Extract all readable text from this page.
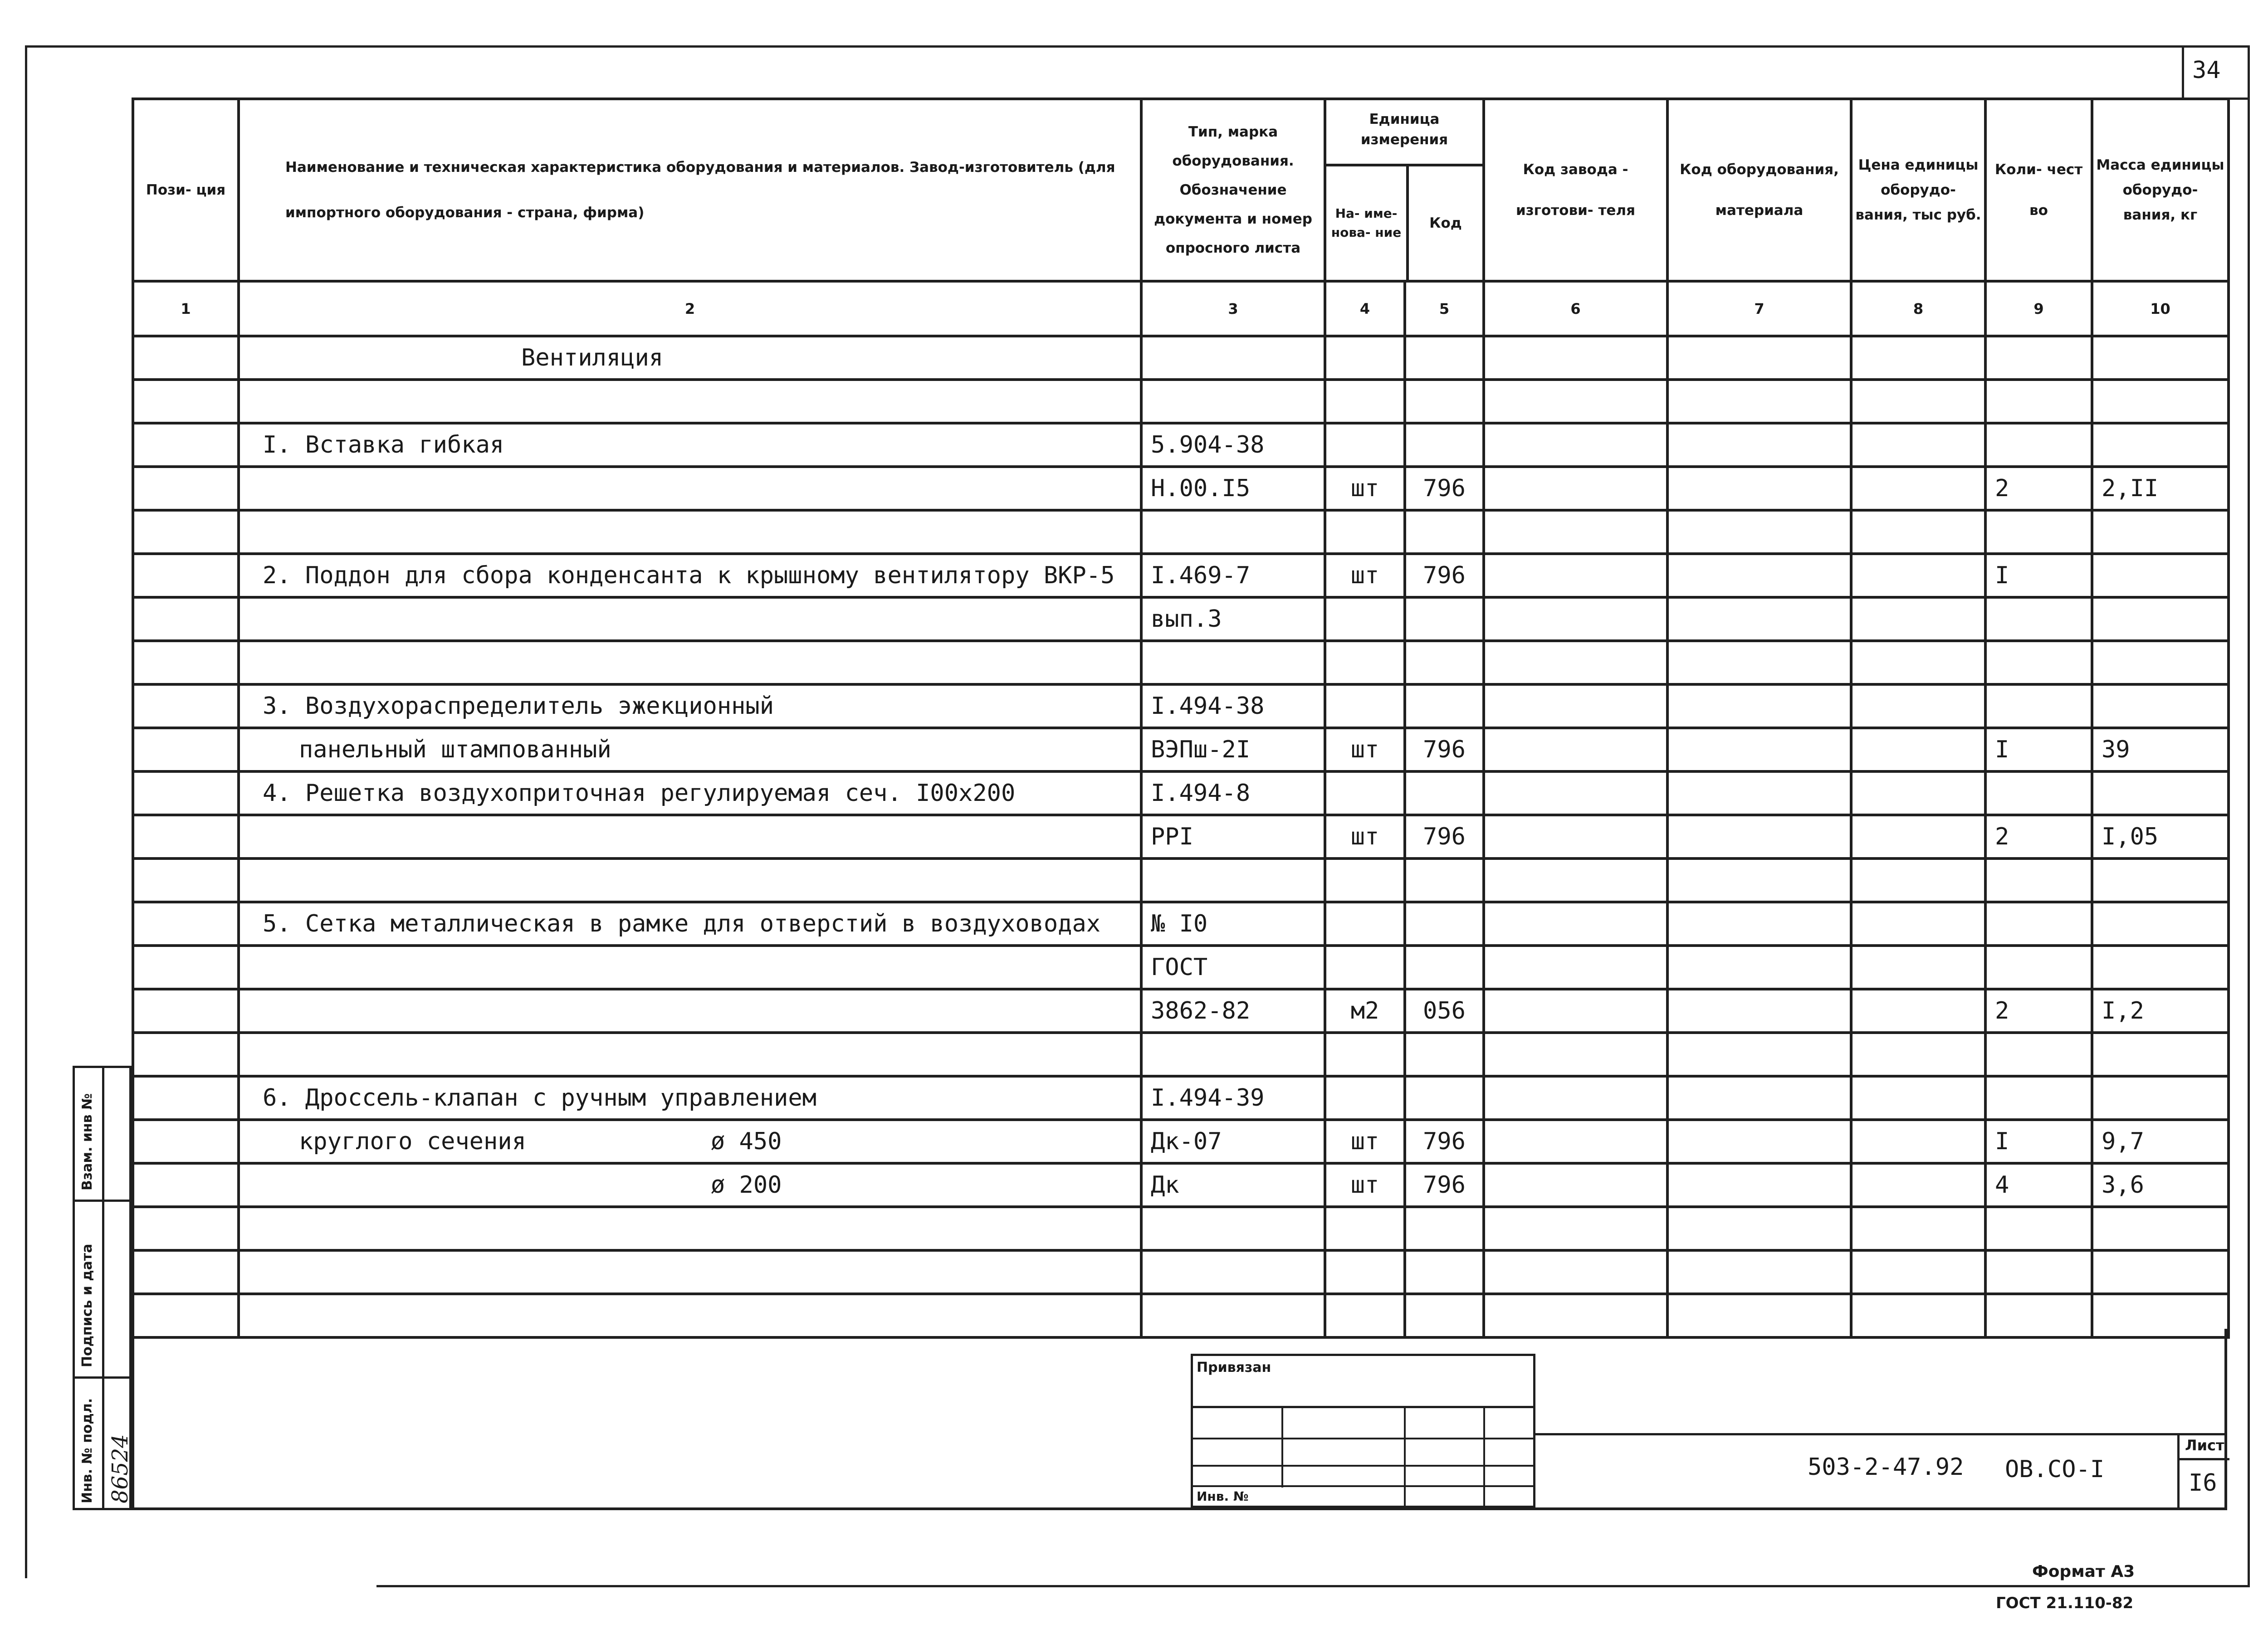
34
Пози- ция	Наименование и техническая характеристика оборудования и материалов. Завод-изготовитель (для импортного оборудования - страна, фирма)	Тип, марка оборудования. Обозначение документа и номер опросного листа	Единица измерения
На- име- нова- ние
Код		Код завода - изготови- теля	Код оборудования, материала	Цена единицы оборудо- вания, тыс руб.	Коли- чест во	Масса единицы оборудо- вания, кг
1	2	3	4	5	6	7	8	9	10
	Вентиляция								

	I. Вставка гибкая	5.904-38							
		Н.00.I5	шт	796				2	2,II

	2. Поддон для сбора конденсанта к крышному вентилятору ВКР-5	I.469-7	шт	796				I	
		вып.3							

	3. Воздухораспределитель эжекционный	I.494-38							
	панельный штампованный	ВЭПш-2I	шт	796				I	39
	4. Решетка воздухоприточная регулируемая сеч. I00x200	I.494-8							
		PPI	шт	796				2	I,05

	5. Сетка металлическая в рамке для отверстий в воздуховодах	№ I0							
		ГОСТ							
		3862-82	м2	056				2	I,2

	6. Дроссель-клапан с ручным управлением	I.494-39							
	круглого сечения             ø 450	Дк-07	шт	796				I	9,7
	ø 200	Дк	шт	796				4	3,6

Привязан
Инв. №
503-2-47.92 ОВ.СО-I
Лист
I6
Взам. инв №
Подпись и дата
Инв. № подл. 86524
Формат А3
ГОСТ 21.110-82
